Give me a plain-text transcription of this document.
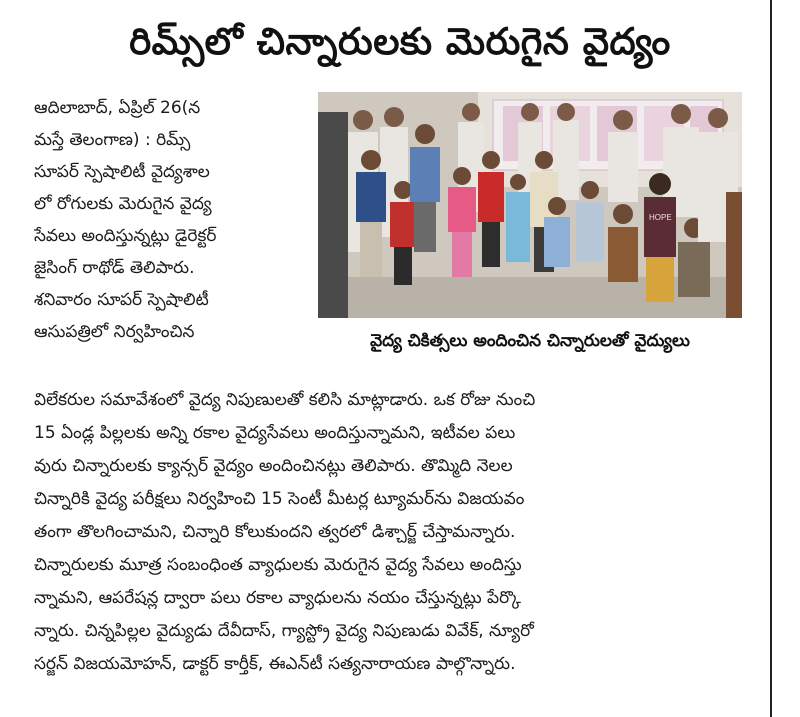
రిమ్స్‌లో చిన్నారులకు మెరుగైన వైద్యం
ఆదిలాబాద్, ఏప్రిల్ 26(న
మస్తే తెలంగాణ) : రిమ్స్
సూపర్ స్పెషాలిటీ వైద్యశాల
లో రోగులకు మెరుగైన వైద్య
సేవలు అందిస్తున్నట్లు డైరెక్టర్
జైసింగ్ రాథోడ్ తెలిపారు.
శనివారం సూపర్ స్పెషాలిటీ
ఆసుపత్రిలో నిర్వహించిన
HOPE
వైద్య చికిత్సలు అందించిన చిన్నారులతో వైద్యులు
విలేకరుల సమావేశంలో వైద్య నిపుణులతో కలిసి మాట్లాడారు. ఒక రోజు నుంచి
15 ఏండ్ల పిల్లలకు అన్ని రకాల వైద్యసేవలు అందిస్తున్నామని, ఇటీవల పలు
వురు చిన్నారులకు క్యాన్సర్ వైద్యం అందించినట్లు తెలిపారు. తొమ్మిది నెలల
చిన్నారికి వైద్య పరీక్షలు నిర్వహించి 15 సెంటీ మీటర్ల ట్యూమర్‌ను విజయవం
తంగా తొలగించామని, చిన్నారి కోలుకుందని త్వరలో డిశ్చార్జ్ చేస్తామన్నారు.
చిన్నారులకు మూత్ర సంబంధింత వ్యాధులకు మెరుగైన వైద్య సేవలు అందిస్తు
న్నామని, ఆపరేషన్ల ద్వారా పలు రకాల వ్యాధులను నయం చేస్తున్నట్లు పేర్కొ
న్నారు. చిన్నపిల్లల వైద్యుడు దేవీదాస్, గ్యాస్ట్రో వైద్య నిపుణుడు వివేక్, న్యూరో
సర్జన్ విజయమోహన్, డాక్టర్ కార్తీక్, ఈఎన్‌టీ సత్యనారాయణ పాల్గొన్నారు.
